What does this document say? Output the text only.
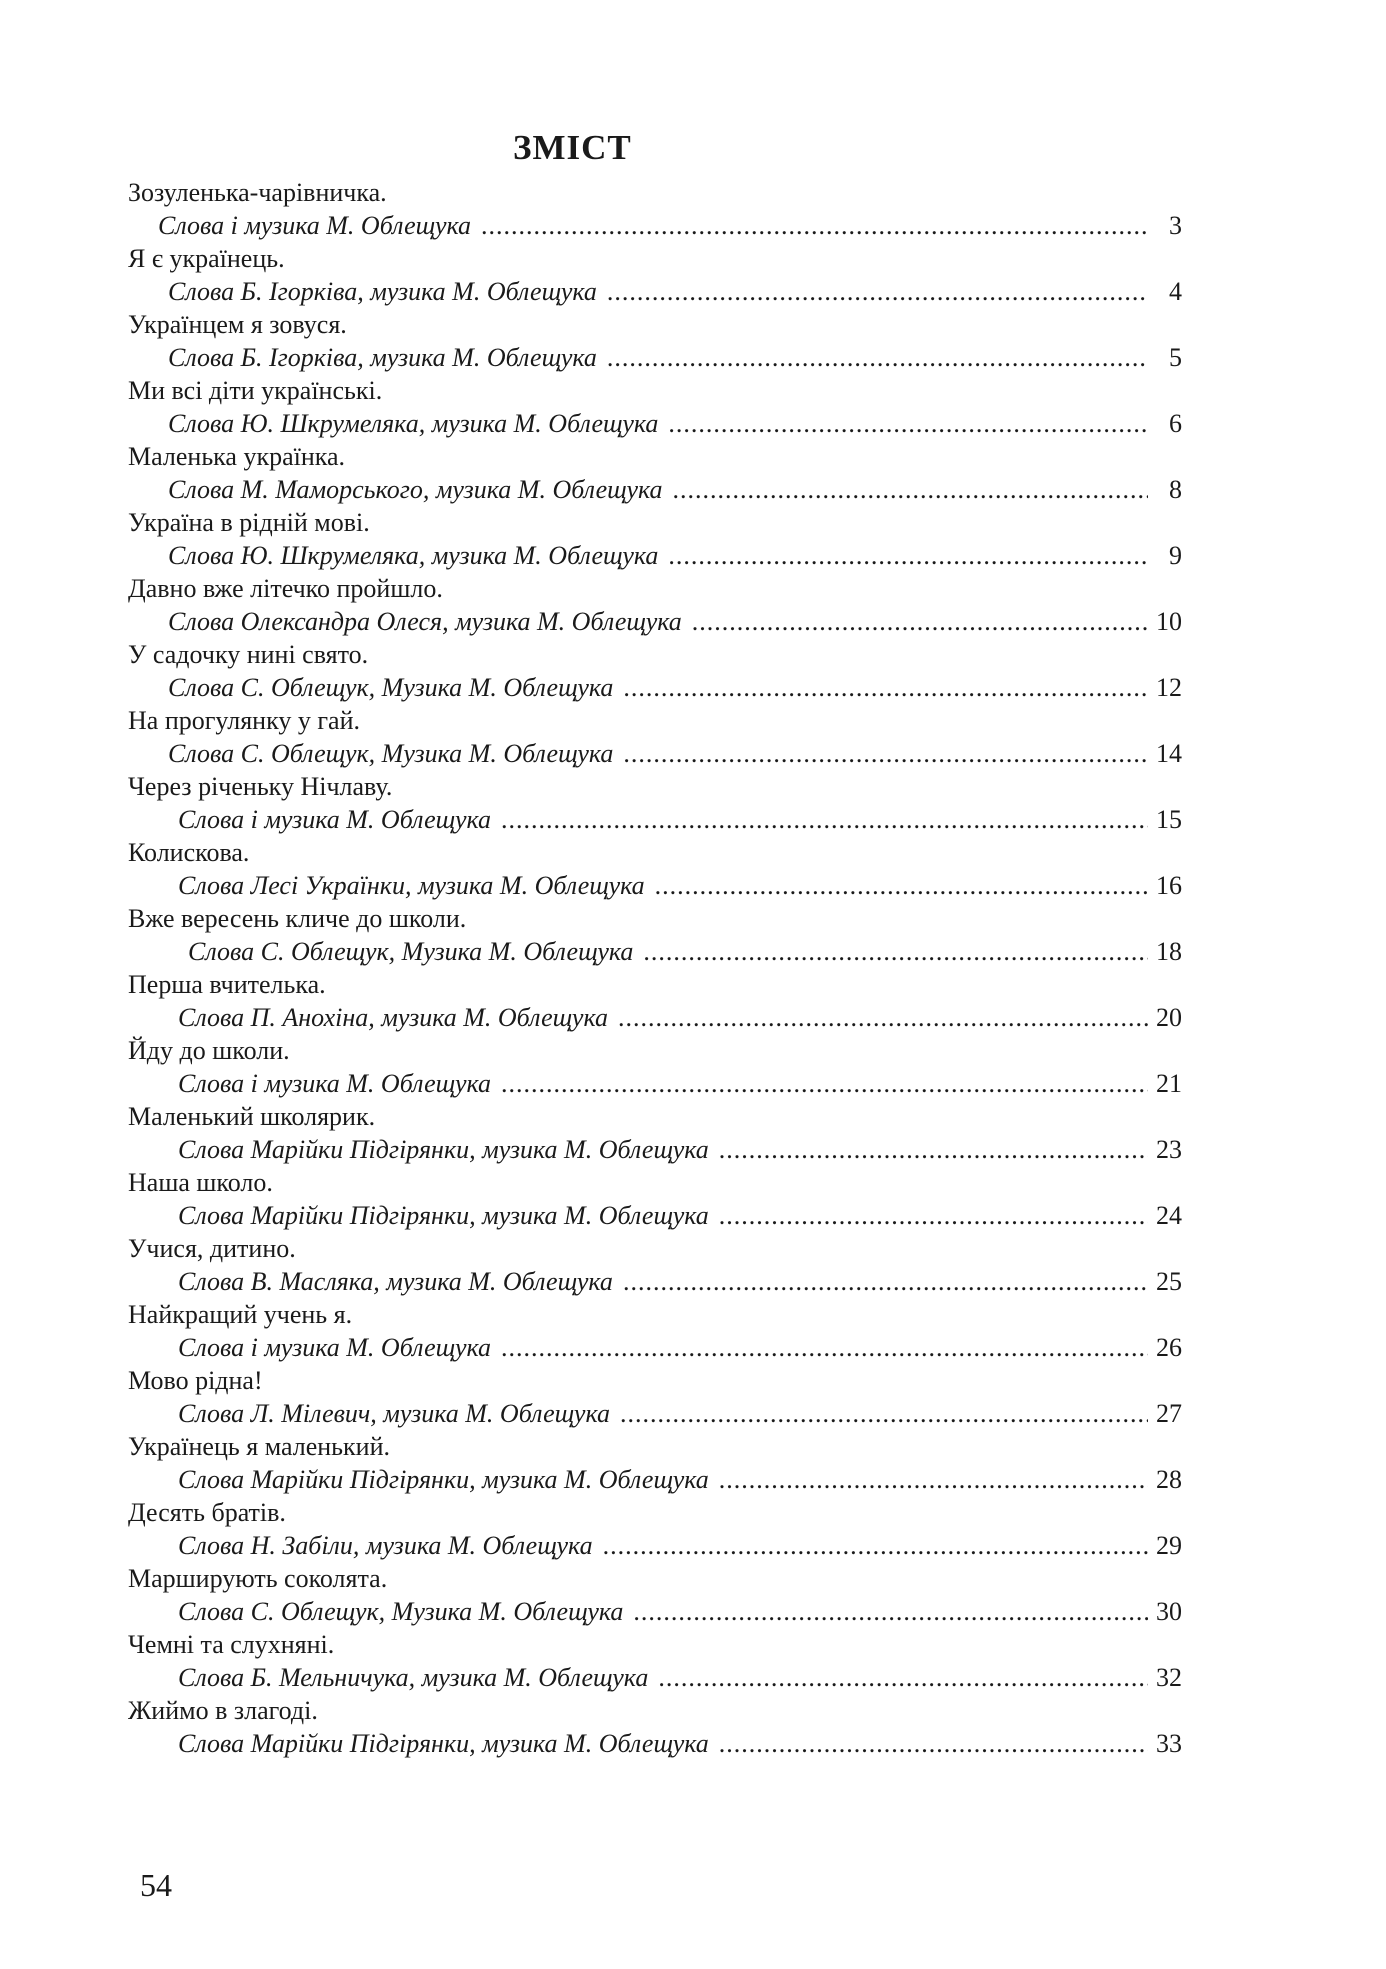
ЗМІСТ
Зозуленька-чарівничка.
Слова і музика М. Облещука .....	3
Я є українець.
Слова Б. Ігорківа, музика М. Облещука .....	4
Українцем я зовуся.
Слова Б. Ігорківа, музика М. Облещука .....	5
Ми всі діти українські.
Слова Ю. Шкрумеляка, музика М. Облещука .....	6
Маленька українка.
Слова М. Маморського, музика М. Облещука .....	8
Україна в рідній мові.
Слова Ю. Шкрумеляка, музика М. Облещука .....	9
Давно вже літечко пройшло.
Слова Олександра Олеся, музика М. Облещука .....	10
У садочку нині свято.
Слова С. Облещук, Музика М. Облещука .....	12
На прогулянку у гай.
Слова С. Облещук, Музика М. Облещука .....	14
Через річеньку Нічлаву.
Слова і музика М. Облещука .....	15
Колискова.
Слова Лесі Українки, музика М. Облещука .....	16
Вже вересень кличе до школи.
Слова С. Облещук, Музика М. Облещука .....	18
Перша вчителька.
Слова П. Анохіна, музика М. Облещука .....	20
Йду до школи.
Слова і музика М. Облещука .....	21
Маленький школярик.
Слова Марійки Підгірянки, музика М. Облещука .....	23
Наша школо.
Слова Марійки Підгірянки, музика М. Облещука .....	24
Учися, дитино.
Слова В. Масляка, музика М. Облещука .....	25
Найкращий учень я.
Слова і музика М. Облещука .....	26
Мово рідна!
Слова Л. Мілевич, музика М. Облещука .....	27
Українець я маленький.
Слова Марійки Підгірянки, музика М. Облещука .....	28
Десять братів.
Слова Н. Забіли, музика М. Облещука .....	29
Марширують соколята.
Слова С. Облещук, Музика М. Облещука .....	30
Чемні та слухняні.
Слова Б. Мельничука, музика М. Облещука .....	32
Жиймо в злагоді.
Слова Марійки Підгірянки, музика М. Облещука .....	33
54
